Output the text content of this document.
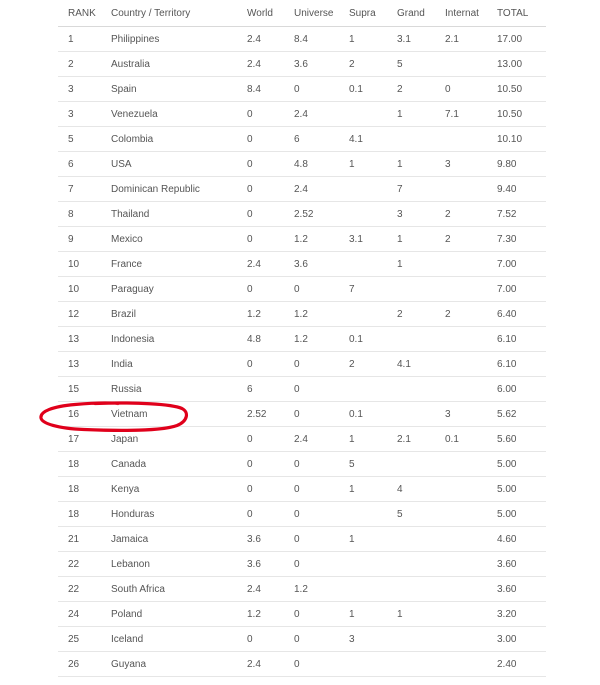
RANK	Country / Territory	World	Universe	Supra	Grand	Internat	TOTAL
1	Philippines	2.4	8.4	1	3.1	2.1	17.00
2	Australia	2.4	3.6	2	5		13.00
3	Spain	8.4	0	0.1	2	0	10.50
3	Venezuela	0	2.4		1	7.1	10.50
5	Colombia	0	6	4.1			10.10
6	USA	0	4.8	1	1	3	9.80
7	Dominican Republic	0	2.4		7		9.40
8	Thailand	0	2.52		3	2	7.52
9	Mexico	0	1.2	3.1	1	2	7.30
10	France	2.4	3.6		1		7.00
10	Paraguay	0	0	7			7.00
12	Brazil	1.2	1.2		2	2	6.40
13	Indonesia	4.8	1.2	0.1			6.10
13	India	0	0	2	4.1		6.10
15	Russia	6	0				6.00
16	Vietnam	2.52	0	0.1		3	5.62
17	Japan	0	2.4	1	2.1	0.1	5.60
18	Canada	0	0	5			5.00
18	Kenya	0	0	1	4		5.00
18	Honduras	0	0		5		5.00
21	Jamaica	3.6	0	1			4.60
22	Lebanon	3.6	0				3.60
22	South Africa	2.4	1.2				3.60
24	Poland	1.2	0	1	1		3.20
25	Iceland	0	0	3			3.00
26	Guyana	2.4	0				2.40
